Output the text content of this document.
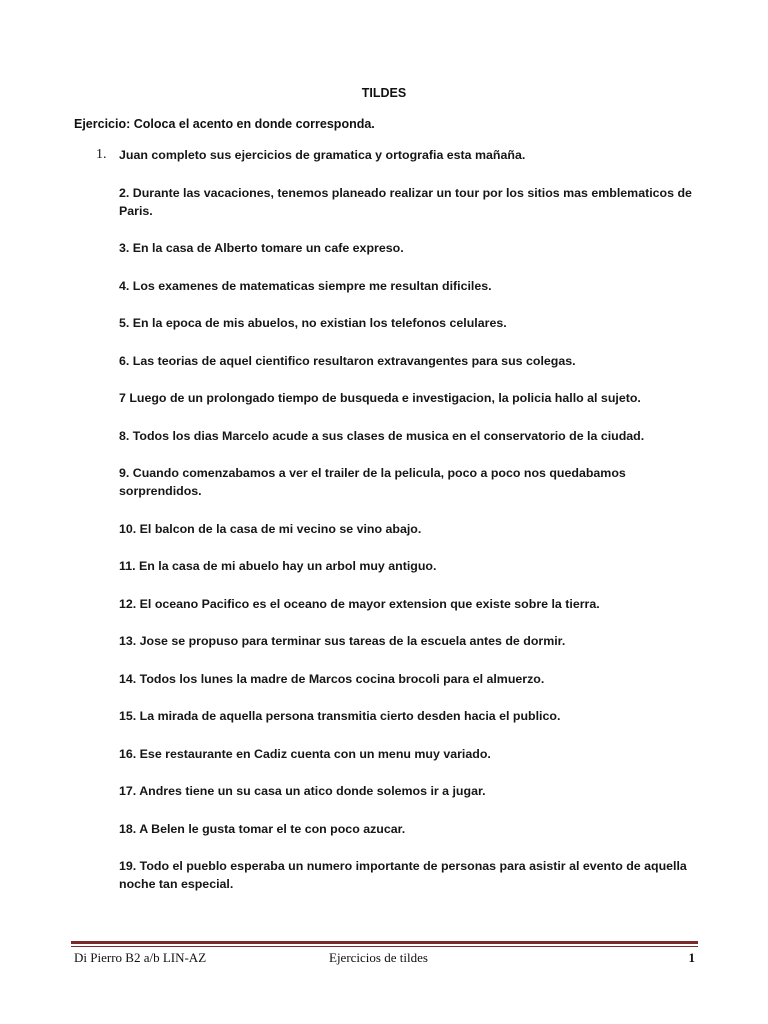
TILDES
Ejercicio: Coloca el acento en donde corresponda.
1. Juan completo sus ejercicios de gramatica y ortografia esta mañaña.
2. Durante las vacaciones, tenemos planeado realizar un tour por los sitios mas emblematicos de Paris.
3. En la casa de Alberto tomare un cafe expreso.
4. Los examenes de matematicas siempre me resultan dificiles.
5. En la epoca de mis abuelos, no existian los telefonos celulares.
6. Las teorias de aquel cientifico resultaron extravangentes para sus colegas.
7 Luego de un prolongado tiempo de busqueda e investigacion, la policia hallo al sujeto.
8. Todos los dias Marcelo acude a sus clases de musica en el conservatorio de la ciudad.
9. Cuando comenzabamos a ver el trailer de la pelicula, poco a poco nos quedabamos sorprendidos.
10. El balcon de la casa de mi vecino se vino abajo.
11. En la casa de mi abuelo hay un arbol muy antiguo.
12. El oceano Pacifico es el oceano de mayor extension que existe sobre la tierra.
13. Jose se propuso para terminar sus tareas de la escuela antes de dormir.
14. Todos los lunes la madre de Marcos cocina brocoli para el almuerzo.
15. La mirada de aquella persona transmitia cierto desden hacia el publico.
16. Ese restaurante en Cadiz cuenta con un menu muy variado.
17. Andres tiene un su casa un atico donde solemos ir a jugar.
18. A Belen le gusta tomar el te con poco azucar.
19. Todo el pueblo esperaba un numero importante de personas para asistir al evento de aquella noche tan especial.
Di Pierro B2 a/b LIN-AZ	Ejercicios de tildes	1
